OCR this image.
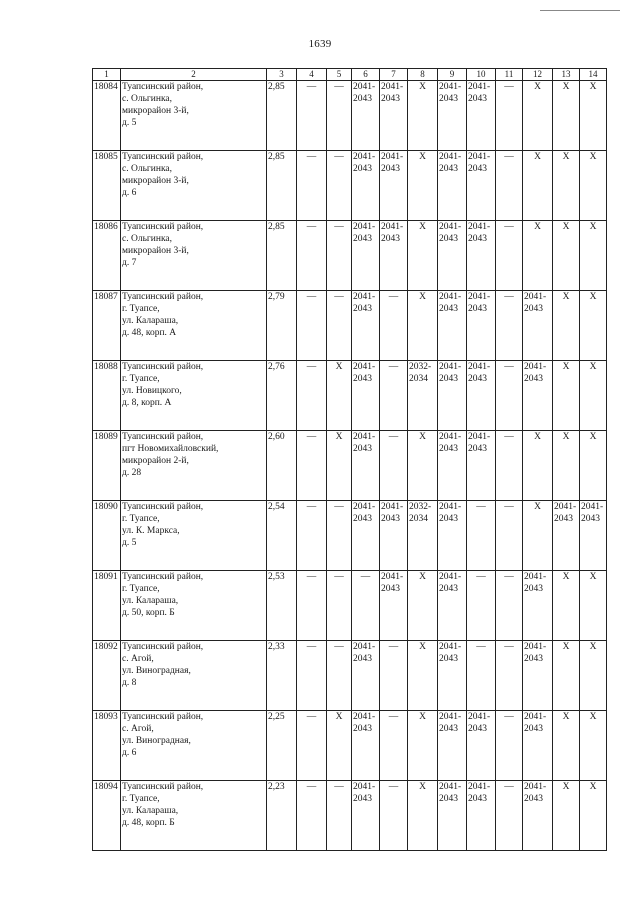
1639
1	2	3	4	5	6	7	8	9	10	11	12	13	14
18084	Туапсинский район,
с. Ольгинка,
микрорайон 3-й,
д. 5	2,85	—	—	2041-
2043	2041-
2043	X	2041-
2043	2041-
2043	—	X	X	X
18085	Туапсинский район,
с. Ольгинка,
микрорайон 3-й,
д. 6	2,85	—	—	2041-
2043	2041-
2043	X	2041-
2043	2041-
2043	—	X	X	X
18086	Туапсинский район,
с. Ольгинка,
микрорайон 3-й,
д. 7	2,85	—	—	2041-
2043	2041-
2043	X	2041-
2043	2041-
2043	—	X	X	X
18087	Туапсинский район,
г. Туапсе,
ул. Калараша,
д. 48, корп. А	2,79	—	—	2041-
2043	—	X	2041-
2043	2041-
2043	—	2041-
2043	X	X
18088	Туапсинский район,
г. Туапсе,
ул. Новицкого,
д. 8, корп. А	2,76	—	X	2041-
2043	—	2032-
2034	2041-
2043	2041-
2043	—	2041-
2043	X	X
18089	Туапсинский район,
пгт Новомихайловский,
микрорайон 2-й,
д. 28	2,60	—	X	2041-
2043	—	X	2041-
2043	2041-
2043	—	X	X	X
18090	Туапсинский район,
г. Туапсе,
ул. К. Маркса,
д. 5	2,54	—	—	2041-
2043	2041-
2043	2032-
2034	2041-
2043	—	—	X	2041-
2043	2041-
2043

18091	Туапсинский район,
г. Туапсе,
ул. Калараша,
д. 50, корп. Б	2,53	—	—	—	2041-
2043	X	2041-
2043	—	—	2041-
2043	X	X
18092	Туапсинский район,
с. Агой,
ул. Виноградная,
д. 8	2,33	—	—	2041-
2043	—	X	2041-
2043	—	—	2041-
2043	X	X
18093	Туапсинский район,
с. Агой,
ул. Виноградная,
д. 6	2,25	—	X	2041-
2043	—	X	2041-
2043	2041-
2043	—	2041-
2043	X	X
18094	Туапсинский район,
г. Туапсе,
ул. Калараша,
д. 48, корп. Б	2,23	—	—	2041-
2043	—	X	2041-
2043	2041-
2043	—	2041-
2043	X	X
